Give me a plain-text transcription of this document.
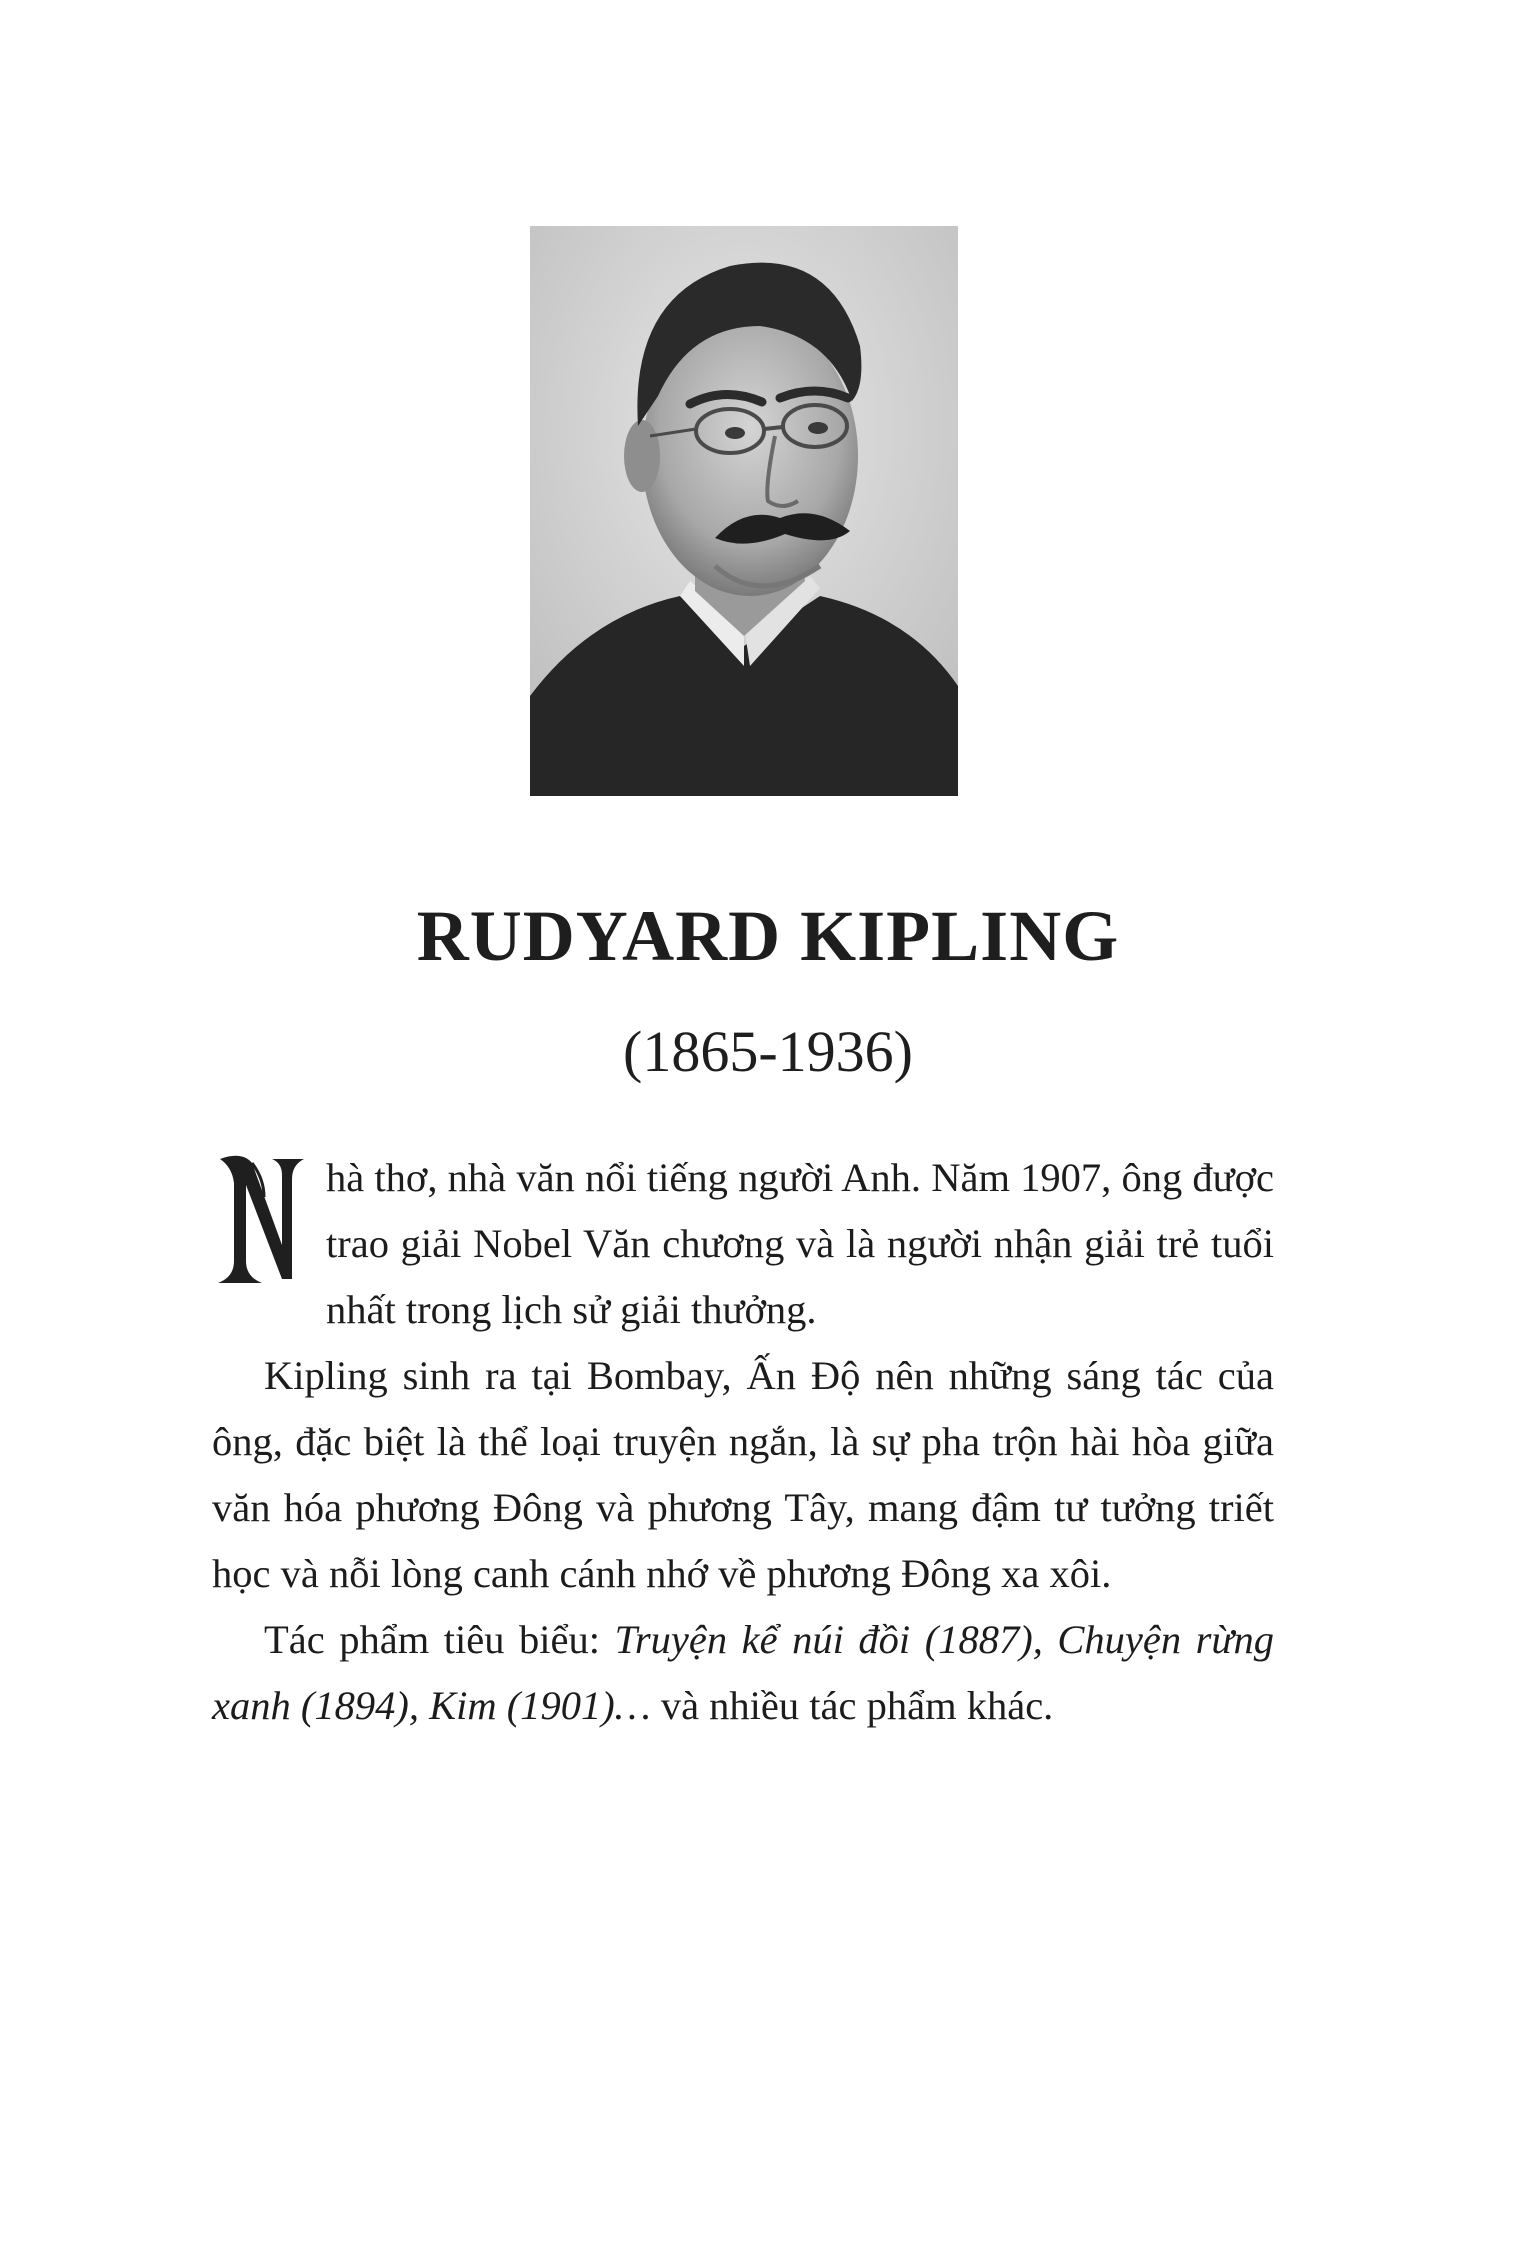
RUDYARD KIPLING
(1865-1936)

hà thơ, nhà văn nổi tiếng người Anh. Năm 1907, ông được trao giải Nobel Văn chương và là người nhận giải trẻ tuổi nhất trong lịch sử giải thưởng.

Kipling sinh ra tại Bombay, Ấn Độ nên những sáng tác của ông, đặc biệt là thể loại truyện ngắn, là sự pha trộn hài hòa giữa văn hóa phương Đông và phương Tây, mang đậm tư tưởng triết học và nỗi lòng canh cánh nhớ về phương Đông xa xôi.

Tác phẩm tiêu biểu: Truyện kể núi đồi (1887), Chuyện rừng xanh (1894), Kim (1901)… và nhiều tác phẩm khác.
